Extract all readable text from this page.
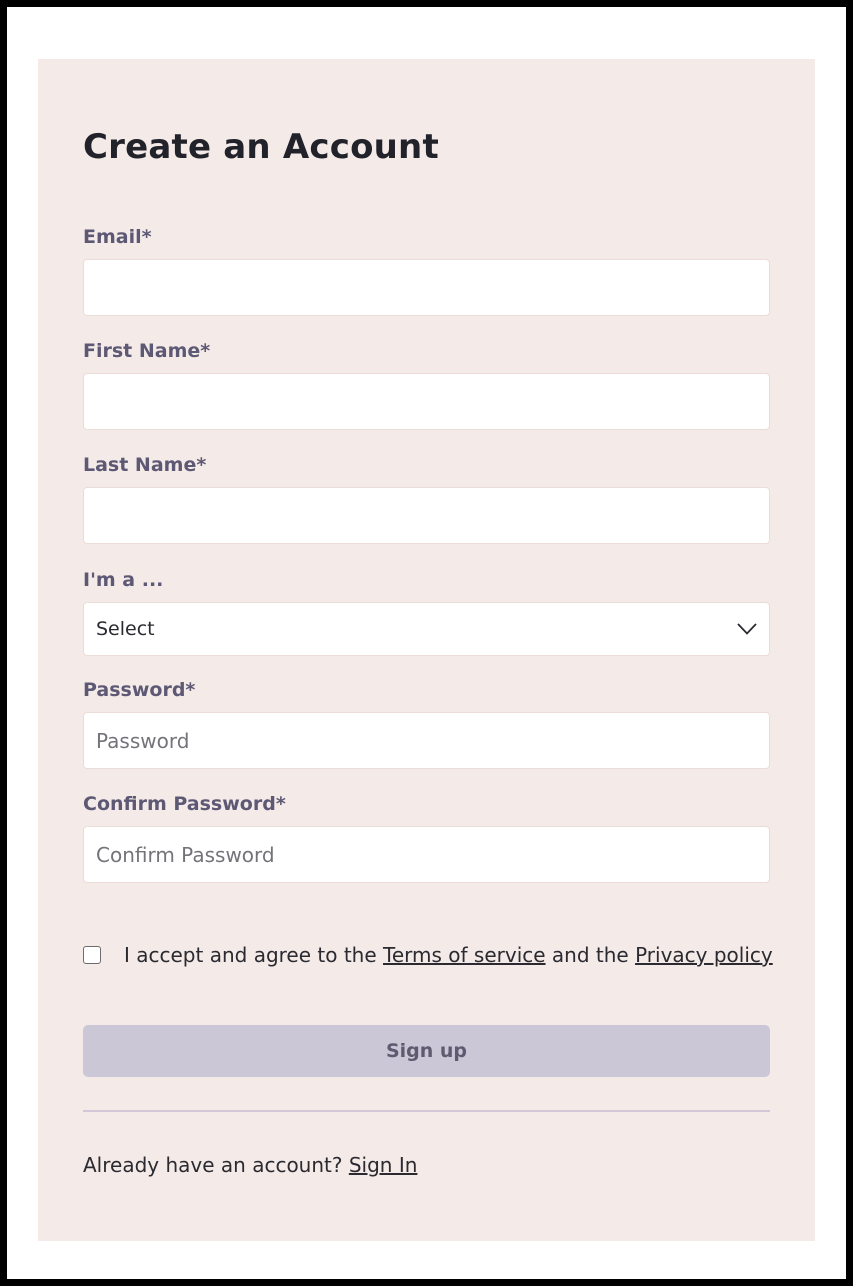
Create an Account
Email*
First Name*
Last Name*
I'm a ...
Select
Password*
Confirm Password*
I accept and agree to the Terms of service and the Privacy policy
Sign up
Already have an account? Sign In
